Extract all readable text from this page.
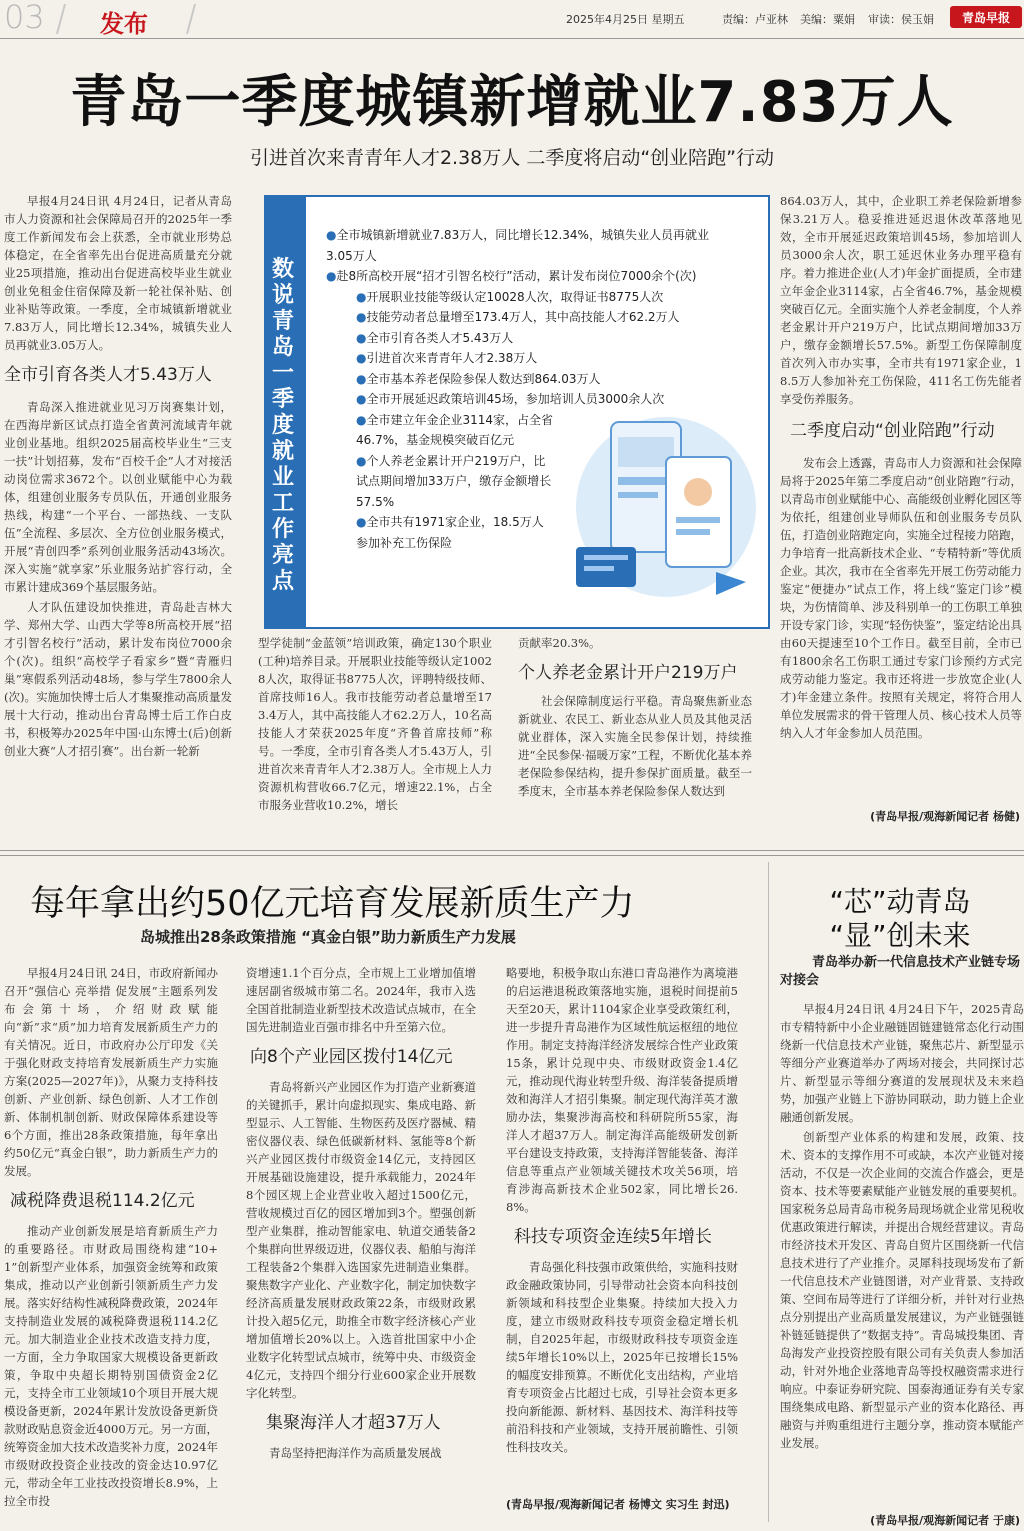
03 发布	2025年4月25日 星期五	责编：卢亚林 美编：粟娟 审读：侯玉娟 青岛早报
青岛一季度城镇新增就业7.83万人
引进首次来青青年人才2.38万人 二季度将启动“创业陪跑”行动

早报4月24日讯 4月24日，记者从青岛市人力资源和社会保障局召开的2025年一季度工作新闻发布会上获悉，全市就业形势总体稳定，在全省率先出台促进高质量充分就业25项措施，推动出台促进高校毕业生就业创业免租金住宿保障及新一轮社保补贴、创业补贴等政策。一季度，全市城镇新增就业7.83万人，同比增长12.34%，城镇失业人员再就业3.05万人。

全市引育各类人才5.43万人

青岛深入推进就业见习万岗赛集计划，在西海岸新区试点打造全省黄河流域青年就业创业基地。组织2025届高校毕业生“三支一扶”计划招募，发布“百校千企”人才对接活动岗位需求3672个。以创业赋能中心为载体，组建创业服务专员队伍，开通创业服务热线，构建“一个平台、一部热线、一支队伍”全流程、多层次、全方位创业服务模式，开展“青创四季”系列创业服务活动43场次。深入实施“就享家”乐业服务站扩容行动，全市累计建成369个基层服务站。

人才队伍建设加快推进，青岛赴吉林大学、郑州大学、山西大学等8所高校开展“招才引智名校行”活动，累计发布岗位7000余个(次)。组织“高校学子看家乡”暨“青雁归巢”寒假系列活动48场，参与学生7800余人(次)。实施加快博士后人才集聚推动高质量发展十大行动，推动出台青岛博士后工作白皮书，积极筹办2025年中国·山东博士(后)创新创业大赛“人才招引赛”。出台新一轮新

数说青岛一季度就业工作亮点
●全市城镇新增就业7.83万人，同比增长12.34%，城镇失业人员再就业3.05万人
●赴8所高校开展“招才引智名校行”活动，累计发布岗位7000余个(次)
●开展职业技能等级认定10028人次，取得证书8775人次
●技能劳动者总量增至173.4万人，其中高技能人才62.2万人
●全市引育各类人才5.43万人
●引进首次来青青年人才2.38万人
●全市基本养老保险参保人数达到864.03万人
●全市开展延迟政策培训45场，参加培训人员3000余人次
●全市建立年金企业3114家，占全省46.7%，基金规模突破百亿元
●个人养老金累计开户219万户，比试点期间增加33万户，缴存金额增长57.5%
●全市共有1971家企业，18.5万人参加补充工伤保险
型学徒制“金蓝领”培训政策，确定130个职业(工种)培养目录。开展职业技能等级认定10028人次，取得证书8775人次，评聘特级技师、首席技师16人。我市技能劳动者总量增至173.4万人，其中高技能人才62.2万人，10名高技能人才荣获2025年度“齐鲁首席技师”称号。一季度，全市引育各类人才5.43万人，引进首次来青青年人才2.38万人。全市规上人力资源机构营收66.7亿元，增速22.1%，占全市服务业营收10.2%，增长
贡献率20.3%。
个人养老金累计开户219万户

社会保障制度运行平稳。青岛聚焦新业态新就业、农民工、新业态从业人员及其他灵活就业群体，深入实施全民参保计划，持续推进“全民参保·福暖万家”工程，不断优化基本养老保险参保结构，提升参保扩面质量。截至一季度末，全市基本养老保险参保人数达到

864.03万人，其中，企业职工养老保险新增参保3.21万人。稳妥推进延迟退休改革落地见效，全市开展延迟政策培训45场，参加培训人员3000余人次，职工延迟休业务办理平稳有序。着力推进企业(人才)年金扩面提质，全市建立年金企业3114家，占全省46.7%，基金规模突破百亿元。全面实施个人养老金制度，个人养老金累计开户219万户，比试点期间增加33万户，缴存金额增长57.5%。新型工伤保障制度首次列入市办实事，全市共有1971家企业，18.5万人参加补充工伤保险，411名工伤先能者享受伤养服务。
二季度启动“创业陪跑”行动

发布会上透露，青岛市人力资源和社会保障局将于2025年第二季度启动“创业陪跑”行动，以青岛市创业赋能中心、高能级创业孵化园区等为依托，组建创业导师队伍和创业服务专员队伍，打造创业陪跑定向，实施全过程接力陪跑，力争培育一批高新技术企业、“专精特新”等优质企业。其次，我市在全省率先开展工伤劳动能力鉴定“便捷办”试点工作，将上线“鉴定门诊”模块，为伤情简单、涉及科别单一的工伤职工单独开设专家门诊，实现“轻伤快鉴”，鉴定结论出具由60天提速至10个工作日。截至目前，全市已有1800余名工伤职工通过专家门诊预约方式完成劳动能力鉴定。我市还将进一步放宽企业(人才)年金建立条件。按照有关规定，将符合用人单位发展需求的骨干管理人员、核心技术人员等纳入人才年金参加人员范围。

(青岛早报/观海新闻记者 杨健)
每年拿出约50亿元培育发展新质生产力
岛城推出28条政策措施 “真金白银”助力新质生产力发展

早报4月24日讯 24日，市政府新闻办召开“强信心 亮举措 促发展”主题系列发布会第十场，介绍财政赋能向“新”求“质”加力培育发展新质生产力的有关情况。近日，市政府办公厅印发《关于强化财政支持培育发展新质生产力实施方案(2025—2027年)》，从聚力支持科技创新、产业创新、绿色创新、人才工作创新、体制机制创新、财政保障体系建设等6个方面，推出28条政策措施，每年拿出约50亿元“真金白银”，助力新质生产力的发展。

减税降费退税114.2亿元

推动产业创新发展是培育新质生产力的重要路径。市财政局围绕构建“10+1”创新型产业体系，加强资金统筹和政策集成，推动以产业创新引领新质生产力发展。落实好结构性减税降费政策，2024年支持制造业发展的减税降费退税114.2亿元。加大制造业企业技术改造支持力度，一方面，全力争取国家大规模设备更新政策，争取中央超长期特别国债资金2亿元，支持全市工业领域10个项目开展大规模设备更新，2024年累计发放设备更新贷款财政贴息资金近4000万元。另一方面，统筹资金加大技术改造奖补力度，2024年市级财政投资企业技改的资金达10.97亿元，带动全年工业技改投资增长8.9%，上拉全市投

资增速1.1个百分点，全市规上工业增加值增速居副省级城市第二名。2024年，我市入选全国首批制造业新型技术改造试点城市，在全国先进制造业百强市排名中升至第六位。
向8个产业园区拨付14亿元

青岛将新兴产业园区作为打造产业新赛道的关键抓手，累计向虚拟现实、集成电路、新型显示、人工智能、生物医药及医疗器械、精密仪器仪表、绿色低碳新材料、氢能等8个新兴产业园区拨付市级资金14亿元，支持园区开展基础设施建设，提升承载能力，2024年8个园区规上企业营业收入超过1500亿元，营收规模过百亿的园区增加到3个。塑强创新型产业集群，推动智能家电、轨道交通装备2个集群向世界级迈进，仪器仪表、船舶与海洋工程装备2个集群入选国家先进制造业集群。聚焦数字产业化、产业数字化，制定加快数字经济高质量发展财政政策22条，市级财政累计投入超5亿元，助推全市数字经济核心产业增加值增长20%以上。入选首批国家中小企业数字化转型试点城市，统筹中央、市级资金4亿元，支持四个细分行业600家企业开展数字化转型。

集聚海洋人才超37万人

青岛坚持把海洋作为高质量发展战

略要地，积极争取山东港口青岛港作为离境港的启运港退税政策落地实施，退税时间提前5天至20天，累计1104家企业享受政策红利，进一步提升青岛港作为区域性航运枢纽的地位作用。制定支持海洋经济发展综合性产业政策15条，累计兑现中央、市级财政资金1.4亿元，推动现代海业转型升级、海洋装备提质增效和海洋人才招引集聚。制定现代海洋英才激励办法，集聚涉海高校和科研院所55家，海洋人才超37万人。制定海洋高能级研发创新平台建设支持政策，支持海洋智能装备、海洋信息等重点产业领域关键技术攻关56项，培育涉海高新技术企业502家，同比增长26.8%。
科技专项资金连续5年增长

青岛强化科技强市政策供给，实施科技财政金融政策协同，引导带动社会资本向科技创新领域和科技型企业集聚。持续加大投入力度，建立市级财政科技专项资金稳定增长机制，自2025年起，市级财政科技专项资金连续5年增长10%以上，2025年已按增长15%的幅度安排预算。不断优化支出结构，产业培育专项资金占比超过七成，引导社会资本更多投向新能源、新材料、基因技术、海洋科技等前沿科技和产业领域，支持开展前瞻性、引领性科技攻关。

(青岛早报/观海新闻记者 杨博文 实习生 封迅)
“芯”动青岛
“显”创未来
青岛举办新一代信息技术产业链专场对接会

早报4月24日讯 4月24日下午，2025青岛市专精特新中小企业融链固链建链常态化行动围绕新一代信息技术产业链，聚焦芯片、新型显示等细分产业赛道举办了两场对接会，共同探讨芯片、新型显示等细分赛道的发展现状及未来趋势，加强产业链上下游协同联动，助力链上企业融通创新发展。

创新型产业体系的构建和发展，政策、技术、资本的支撑作用不可或缺，本次产业链对接活动，不仅是一次企业间的交流合作盛会，更是资本、技术等要素赋能产业链发展的重要契机。国家税务总局青岛市税务局现场就企业常见税收优惠政策进行解读，并提出合规经营建议。青岛市经济技术开发区、青岛自贸片区围绕新一代信息技术进行了产业推介。灵犀科技现场发布了新一代信息技术产业链图谱，对产业背景、支持政策、空间布局等进行了详细分析，并针对行业热点分别提出产业高质量发展建议，为产业链强链补链延链提供了“数据支持”。青岛城投集团、青岛海发产业投资控股有限公司有关负责人参加活动，针对外地企业落地青岛等投权融资需求进行响应。中泰证券研究院、国泰海通证券有关专家围绕集成电路、新型显示产业的资本化路径、再融资与并购重组进行主题分享，推动资本赋能产业发展。

(青岛早报/观海新闻记者 于康)
